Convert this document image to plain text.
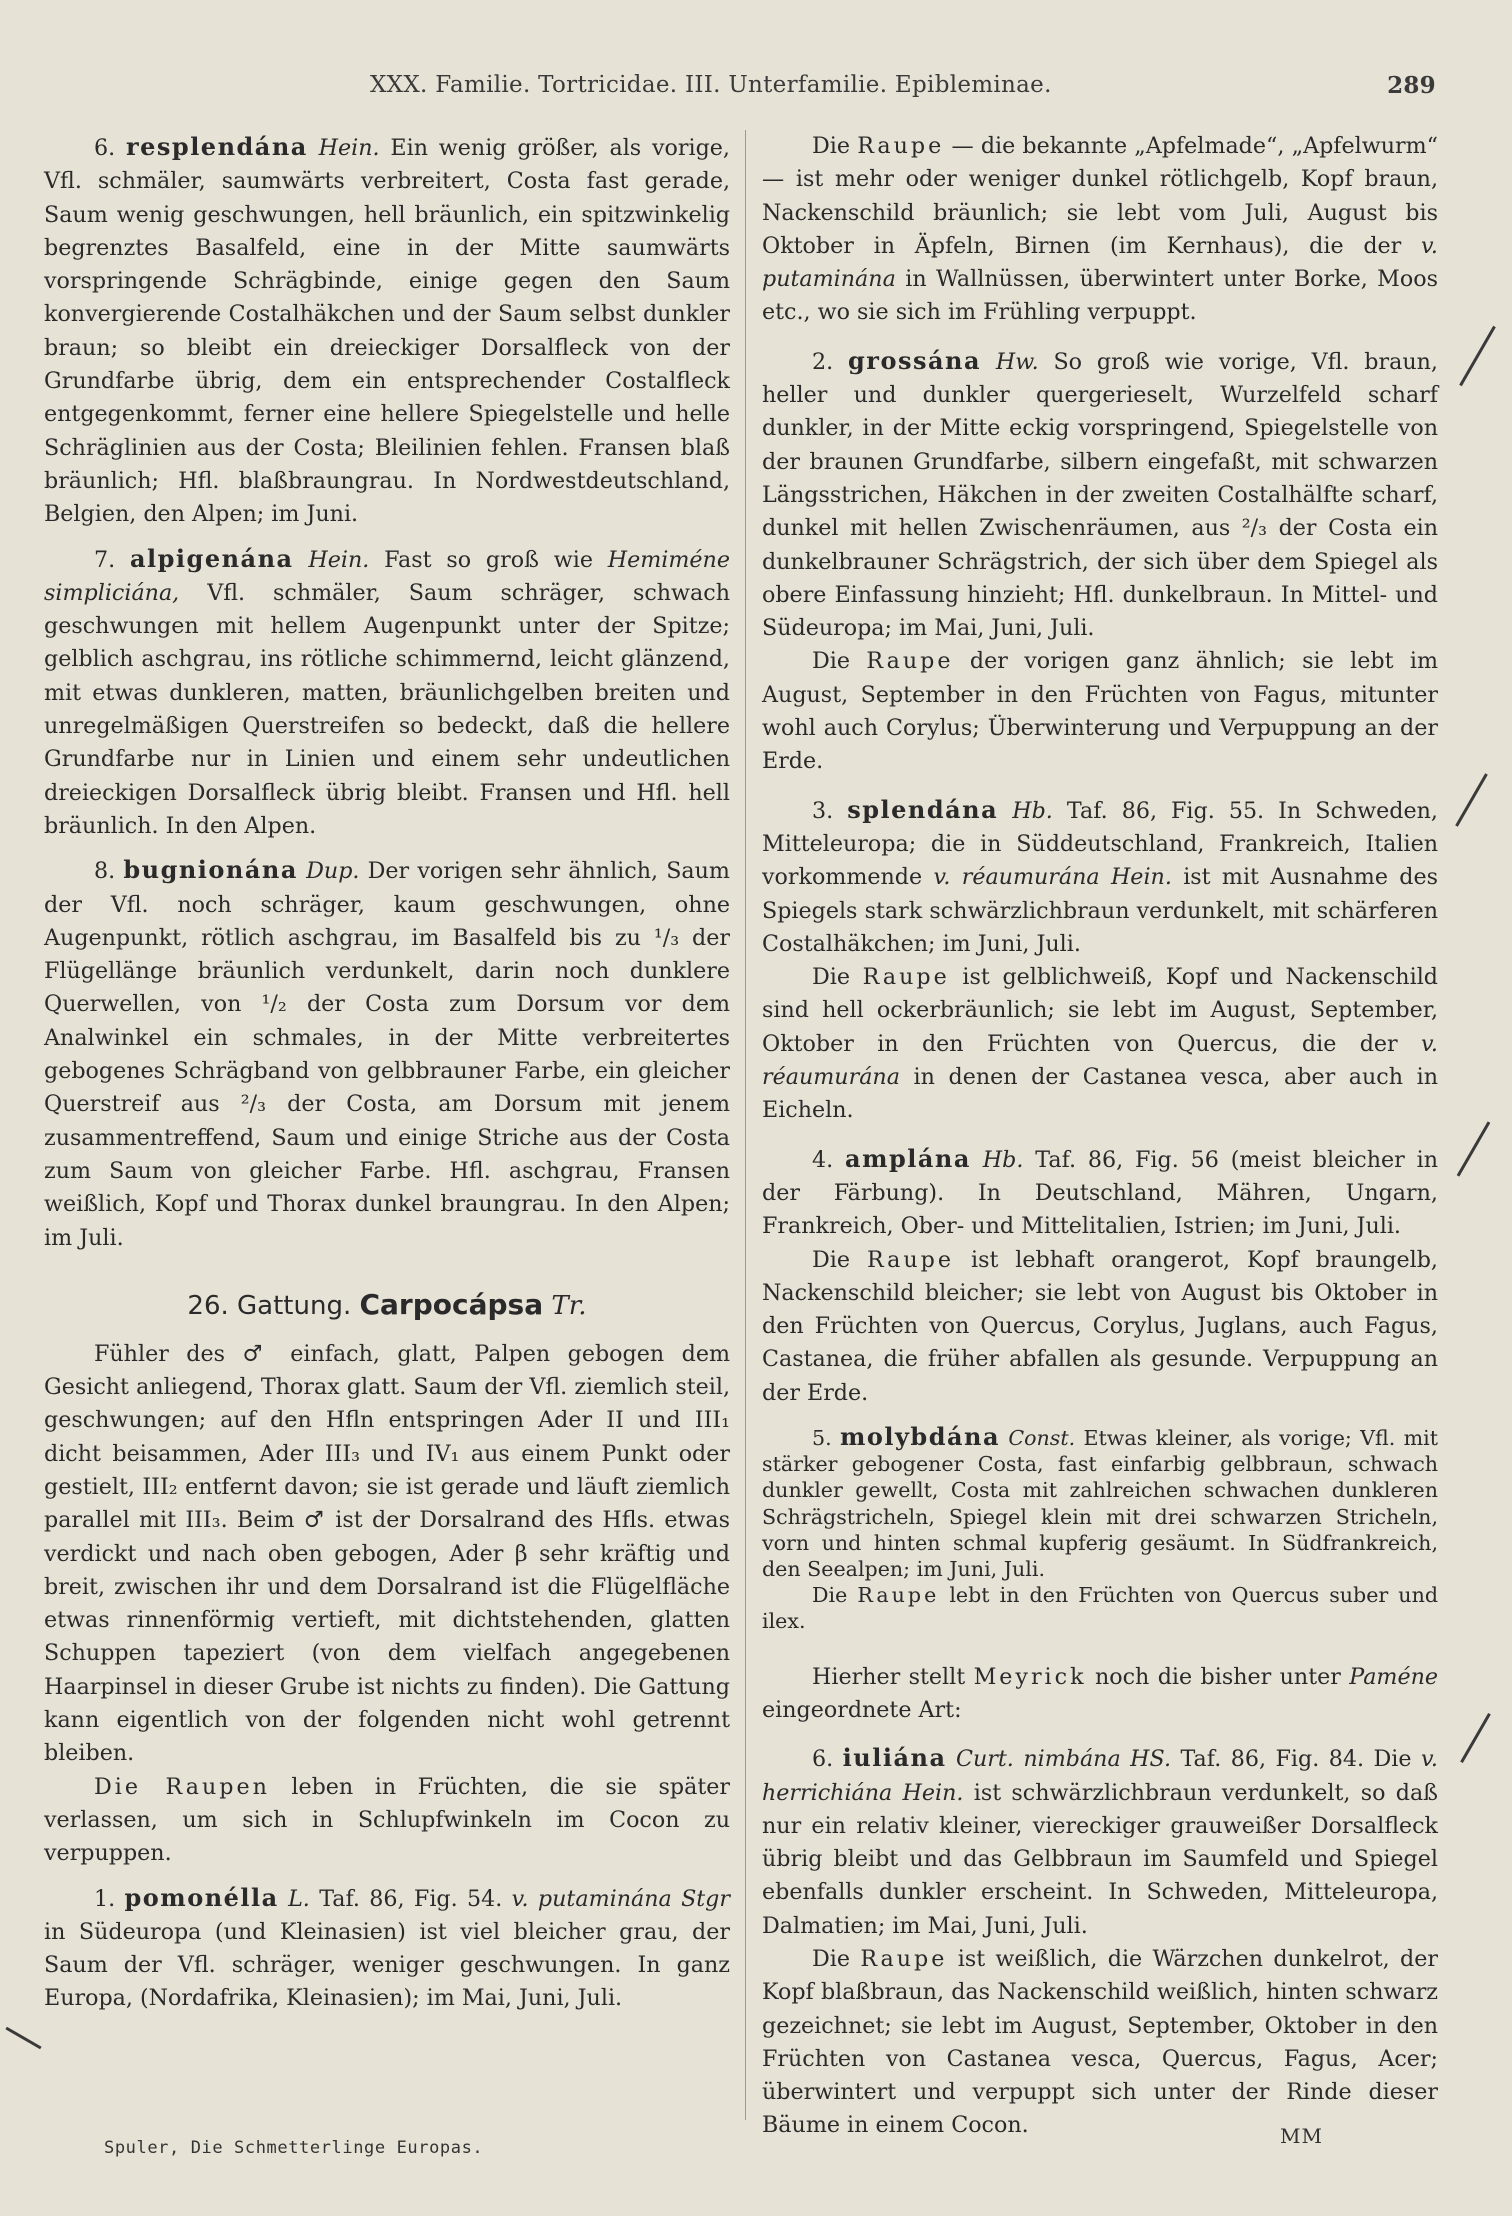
XXX. Familie. Tortricidae. III. Unterfamilie. Epibleminae.	289

6. resplendána Hein. Ein wenig größer, als vorige, Vfl. schmäler, saumwärts verbreitert, Costa fast gerade, Saum wenig geschwungen, hell bräunlich, ein spitzwinkelig begrenztes Basalfeld, eine in der Mitte saumwärts vorspringende Schrägbinde, einige gegen den Saum konvergierende Costalhäkchen und der Saum selbst dunkler braun; so bleibt ein dreieckiger Dorsalfleck von der Grundfarbe übrig, dem ein entsprechender Costalfleck entgegenkommt, ferner eine hellere Spiegelstelle und helle Schräglinien aus der Costa; Bleilinien fehlen. Fransen blaß bräunlich; Hfl. blaßbraungrau. In Nordwestdeutschland, Belgien, den Alpen; im Juni.

7. alpigenána Hein. Fast so groß wie Hemiméne simpliciána, Vfl. schmäler, Saum schräger, schwach geschwungen mit hellem Augenpunkt unter der Spitze; gelblich aschgrau, ins rötliche schimmernd, leicht glänzend, mit etwas dunkleren, matten, bräunlichgelben breiten und unregelmäßigen Querstreifen so bedeckt, daß die hellere Grundfarbe nur in Linien und einem sehr undeutlichen dreieckigen Dorsalfleck übrig bleibt. Fransen und Hfl. hell bräunlich. In den Alpen.

8. bugnionána Dup. Der vorigen sehr ähnlich, Saum der Vfl. noch schräger, kaum geschwungen, ohne Augenpunkt, rötlich aschgrau, im Basalfeld bis zu ¹/₃ der Flügellänge bräunlich verdunkelt, darin noch dunklere Querwellen, von ¹/₂ der Costa zum Dorsum vor dem Analwinkel ein schmales, in der Mitte verbreitertes gebogenes Schrägband von gelbbrauner Farbe, ein gleicher Querstreif aus ²/₃ der Costa, am Dorsum mit jenem zusammentreffend, Saum und einige Striche aus der Costa zum Saum von gleicher Farbe. Hfl. aschgrau, Fransen weißlich, Kopf und Thorax dunkel braungrau. In den Alpen; im Juli.

26. Gattung. Carpocápsa Tr.

Fühler des ♂ einfach, glatt, Palpen gebogen dem Gesicht anliegend, Thorax glatt. Saum der Vfl. ziemlich steil, geschwungen; auf den Hfln entspringen Ader II und III₁ dicht beisammen, Ader III₃ und IV₁ aus einem Punkt oder gestielt, III₂ entfernt davon; sie ist gerade und läuft ziemlich parallel mit III₃. Beim ♂ ist der Dorsalrand des Hfls. etwas verdickt und nach oben gebogen, Ader β sehr kräftig und breit, zwischen ihr und dem Dorsalrand ist die Flügelfläche etwas rinnenförmig vertieft, mit dichtstehenden, glatten Schuppen tapeziert (von dem vielfach angegebenen Haarpinsel in dieser Grube ist nichts zu finden). Die Gattung kann eigentlich von der folgenden nicht wohl getrennt bleiben.

Die Raupen leben in Früchten, die sie später verlassen, um sich in Schlupfwinkeln im Cocon zu verpuppen.

1. pomonélla L. Taf. 86, Fig. 54. v. putaminána Stgr in Südeuropa (und Kleinasien) ist viel bleicher grau, der Saum der Vfl. schräger, weniger geschwungen. In ganz Europa, (Nordafrika, Kleinasien); im Mai, Juni, Juli.

Die Raupe — die bekannte „Apfelmade“, „Apfelwurm“ — ist mehr oder weniger dunkel rötlichgelb, Kopf braun, Nackenschild bräunlich; sie lebt vom Juli, August bis Oktober in Äpfeln, Birnen (im Kernhaus), die der v. putaminána in Wallnüssen, überwintert unter Borke, Moos etc., wo sie sich im Frühling verpuppt.

2. grossána Hw. So groß wie vorige, Vfl. braun, heller und dunkler quergerieselt, Wurzelfeld scharf dunkler, in der Mitte eckig vorspringend, Spiegelstelle von der braunen Grundfarbe, silbern eingefaßt, mit schwarzen Längsstrichen, Häkchen in der zweiten Costalhälfte scharf, dunkel mit hellen Zwischenräumen, aus ²/₃ der Costa ein dunkelbrauner Schrägstrich, der sich über dem Spiegel als obere Einfassung hinzieht; Hfl. dunkelbraun. In Mittel- und Südeuropa; im Mai, Juni, Juli.

Die Raupe der vorigen ganz ähnlich; sie lebt im August, September in den Früchten von Fagus, mitunter wohl auch Corylus; Überwinterung und Verpuppung an der Erde.

3. splendána Hb. Taf. 86, Fig. 55. In Schweden, Mitteleuropa; die in Süddeutschland, Frankreich, Italien vorkommende v. réaumurána Hein. ist mit Ausnahme des Spiegels stark schwärzlichbraun verdunkelt, mit schärferen Costalhäkchen; im Juni, Juli.

Die Raupe ist gelblichweiß, Kopf und Nackenschild sind hell ockerbräunlich; sie lebt im August, September, Oktober in den Früchten von Quercus, die der v. réaumurána in denen der Castanea vesca, aber auch in Eicheln.

4. amplána Hb. Taf. 86, Fig. 56 (meist bleicher in der Färbung). In Deutschland, Mähren, Ungarn, Frankreich, Ober- und Mittelitalien, Istrien; im Juni, Juli.

Die Raupe ist lebhaft orangerot, Kopf braungelb, Nackenschild bleicher; sie lebt von August bis Oktober in den Früchten von Quercus, Corylus, Juglans, auch Fagus, Castanea, die früher abfallen als gesunde. Verpuppung an der Erde.

5. molybdána Const. Etwas kleiner, als vorige; Vfl. mit stärker gebogener Costa, fast einfarbig gelbbraun, schwach dunkler gewellt, Costa mit zahlreichen schwachen dunkleren Schrägstricheln, Spiegel klein mit drei schwarzen Stricheln, vorn und hinten schmal kupferig gesäumt. In Südfrankreich, den Seealpen; im Juni, Juli.

Die Raupe lebt in den Früchten von Quercus suber und ilex.

Hierher stellt Meyrick noch die bisher unter Paméne eingeordnete Art:

6. iuliána Curt. nimbána HS. Taf. 86, Fig. 84. Die v. herrichiána Hein. ist schwärzlichbraun verdunkelt, so daß nur ein relativ kleiner, viereckiger grauweißer Dorsalfleck übrig bleibt und das Gelbbraun im Saumfeld und Spiegel ebenfalls dunkler erscheint. In Schweden, Mitteleuropa, Dalmatien; im Mai, Juni, Juli.

Die Raupe ist weißlich, die Wärzchen dunkelrot, der Kopf blaßbraun, das Nackenschild weißlich, hinten schwarz gezeichnet; sie lebt im August, September, Oktober in den Früchten von Castanea vesca, Quercus, Fagus, Acer; überwintert und verpuppt sich unter der Rinde dieser Bäume in einem Cocon.

Spuler, Die Schmetterlinge Europas.	MM
